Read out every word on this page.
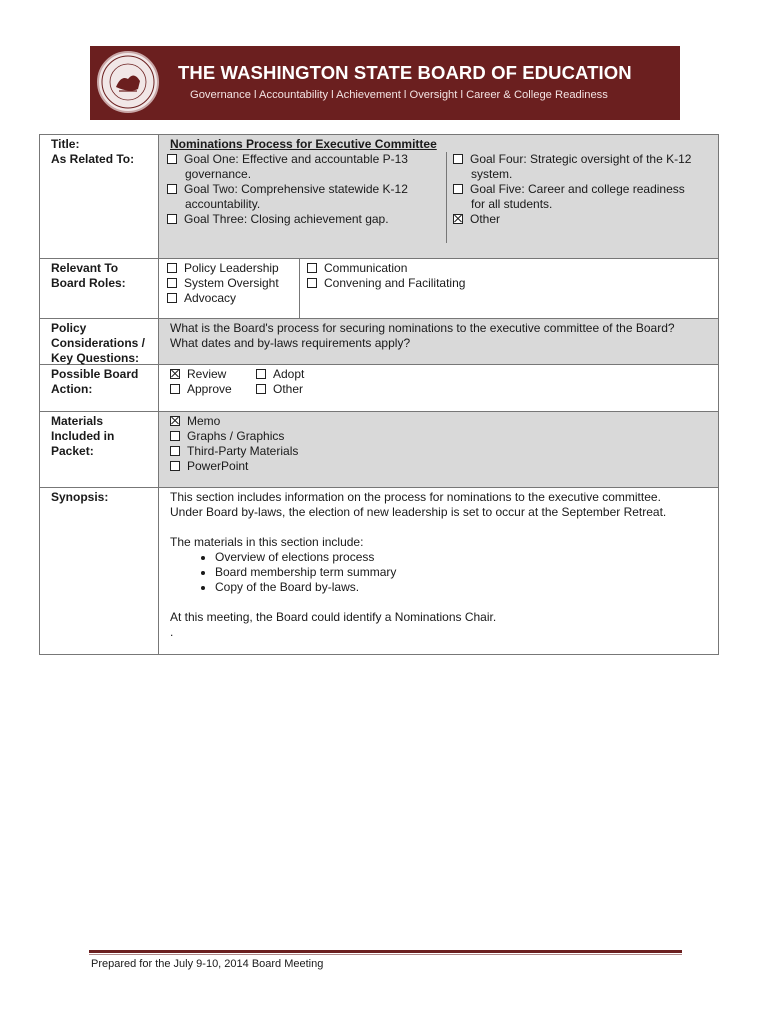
THE WASHINGTON STATE BOARD OF EDUCATION
Governance l Accountability l Achievement l Oversight l Career & College Readiness
Title:
As Related To:
Nominations Process for Executive Committee
Goal One: Effective and accountable P-13
governance.
Goal Two: Comprehensive statewide K-12
accountability.
Goal Three: Closing achievement gap.
Goal Four: Strategic oversight of the K-12
system.
Goal Five: Career and college readiness
for all students.
Other
Relevant To
Board Roles:
Policy Leadership
System Oversight
Advocacy
Communication
Convening and Facilitating
Policy
Considerations /
Key Questions:
What is the Board's process for securing nominations to the executive committee of the Board?
What dates and by-laws requirements apply?
Possible Board
Action:
Review
Approve
Adopt
Other
Materials
Included in
Packet:
Memo
Graphs / Graphics
Third-Party Materials
PowerPoint
Synopsis:	This section includes information on the process for nominations to the executive committee.
Under Board by-laws, the election of new leadership is set to occur at the September Retreat.
The materials in this section include:
• Overview of elections process
• Board membership term summary
• Copy of the Board by-laws.
At this meeting, the Board could identify a Nominations Chair.
.
Prepared for the July 9-10, 2014 Board Meeting
